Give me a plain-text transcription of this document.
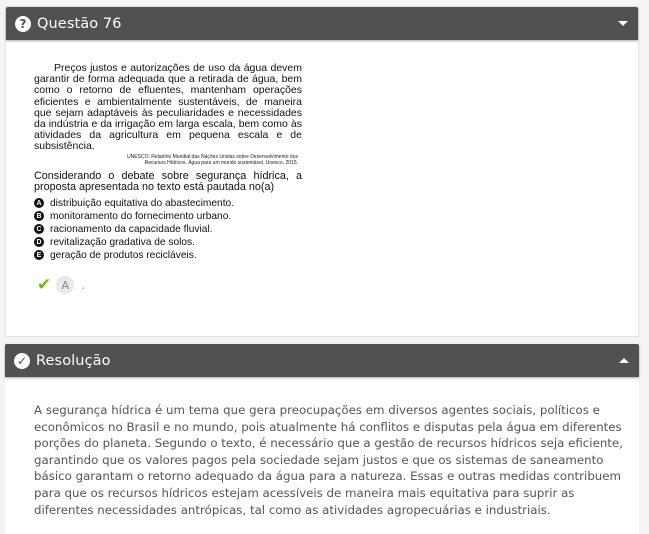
? Questão 76

Preços justos e autorizações de uso da água devem garantir de forma adequada que a retirada de água, bem como o retorno de efluentes, mantenham operações eficientes e ambientalmente sustentáveis, de maneira que sejam adaptáveis às peculiaridades e necessidades da indústria e da irrigação em larga escala, bem como às atividades da agricultura em pequena escala e de subsistência.

UNESCO. Relatório Mundial das Nações Unidas sobre Desenvolvimento dos
Recursos Hídricos. Água para um mundo sustentável. Unesco, 2015.

Considerando o debate sobre segurança hídrica, a proposta apresentada no texto está pautada no(a)

A distribuição equitativa do abastecimento.
B monitoramento do fornecimento urbano.
C racionamento da capacidade fluvial.
D revitalização gradativa de solos.
E geração de produtos recicláveis.
✔ A	.
✓ Resolução

A segurança hídrica é um tema que gera preocupações em diversos agentes sociais, políticos e econômicos no Brasil e no mundo, pois atualmente há conflitos e disputas pela água em diferentes porções do planeta. Segundo o texto, é necessário que a gestão de recursos hídricos seja eficiente, garantindo que os valores pagos pela sociedade sejam justos e que os sistemas de saneamento básico garantam o retorno adequado da água para a natureza. Essas e outras medidas contribuem para que os recursos hídricos estejam acessíveis de maneira mais equitativa para suprir as diferentes necessidades antrópicas, tal como as atividades agropecuárias e industriais.
